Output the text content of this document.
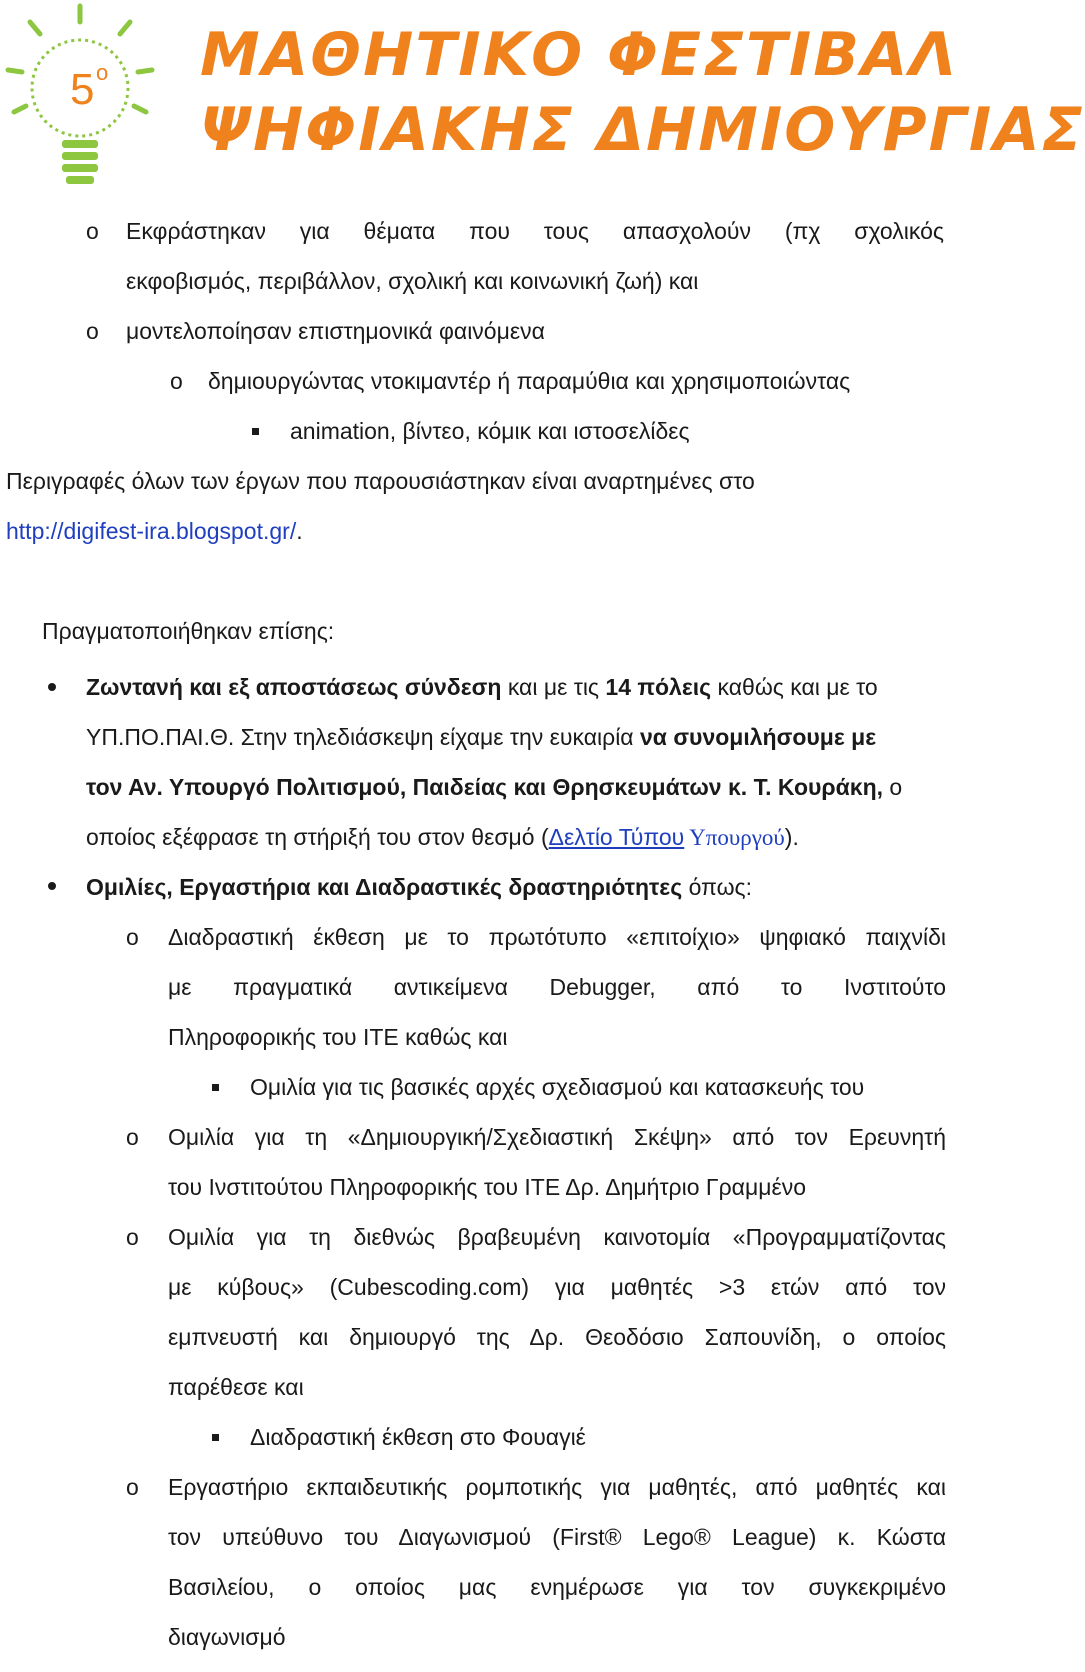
5 ο ΜΑΘΗΤΙΚΟ ΦΕΣΤΙΒΑΛ
ΨΗΦΙΑΚΗΣ ΔΗΜΙΟΥΡΓΙΑΣ
o Εκφράστηκαν για θέματα που τους απασχολούν (πχ σχολικός
εκφοβισμός, περιβάλλον, σχολική και κοινωνική ζωή) και
o μοντελοποίησαν επιστημονικά φαινόμενα
o δημιουργώντας ντοκιμαντέρ ή παραμύθια και χρησιμοποιώντας
animation, βίντεο, κόμικ και ιστοσελίδες
Περιγραφές όλων των έργων που παρουσιάστηκαν είναι αναρτημένες στο
http://digifest-ira.blogspot.gr/.
Πραγματοποιήθηκαν επίσης:
Ζωντανή και εξ αποστάσεως σύνδεση και με τις 14 πόλεις καθώς και με το
ΥΠ.ΠΟ.ΠΑΙ.Θ. Στην τηλεδιάσκεψη είχαμε την ευκαιρία να συνομιλήσουμε με
τον Αν. Υπουργό Πολιτισμού, Παιδείας και Θρησκευμάτων κ. Τ. Κουράκη, ο
οποίος εξέφρασε τη στήριξή του στον θεσμό (Δελτίο Τύπου Υπουργού).
Ομιλίες, Εργαστήρια και Διαδραστικές δραστηριότητες όπως:
o Διαδραστική έκθεση με το πρωτότυπο «επιτοίχιο» ψηφιακό παιχνίδι
με πραγματικά αντικείμενα Debugger, από το Ινστιτούτο
Πληροφορικής του ΙΤΕ καθώς και
Ομιλία για τις βασικές αρχές σχεδιασμού και κατασκευής του
o Ομιλία για τη «Δημιουργική/Σχεδιαστική Σκέψη» από τον Ερευνητή
του Ινστιτούτου Πληροφορικής του ΙΤΕ Δρ. Δημήτριο Γραμμένο
o Ομιλία για τη διεθνώς βραβευμένη καινοτομία «Προγραμματίζοντας
με κύβους» (Cubescoding.com) για μαθητές >3 ετών από τον
εμπνευστή και δημιουργό της Δρ. Θεοδόσιο Σαπουνίδη, ο οποίος
παρέθεσε και
Διαδραστική έκθεση στο Φουαγιέ
o Εργαστήριο εκπαιδευτικής ρομποτικής για μαθητές, από μαθητές και
τον υπεύθυνο του Διαγωνισμού (First® Lego® League) κ. Κώστα
Βασιλείου, ο οποίος μας ενημέρωσε για τον συγκεκριμένο
διαγωνισμό
